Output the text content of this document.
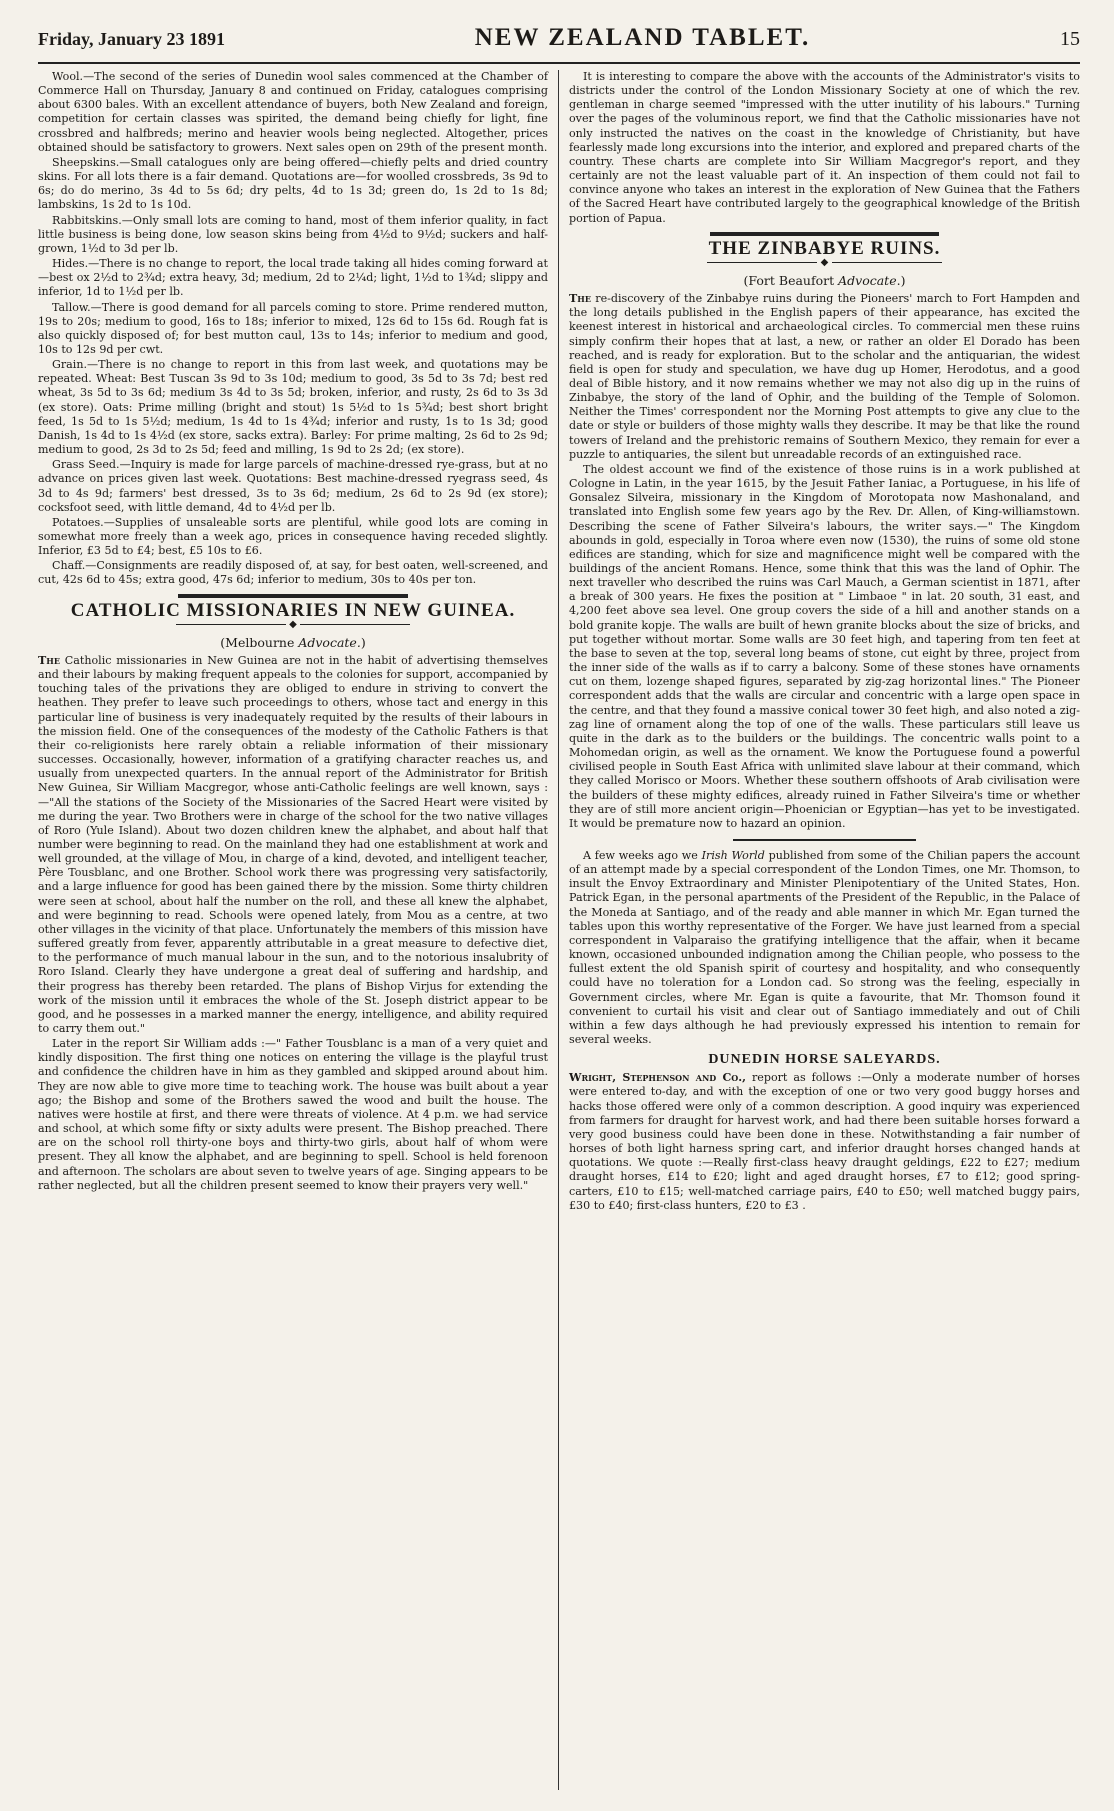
Friday, January 23 1891	NEW ZEALAND TABLET.	15

Wool.—The second of the series of Dunedin wool sales commenced at the Chamber of Commerce Hall on Thursday, January 8 and continued on Friday, catalogues comprising about 6300 bales. With an excellent attendance of buyers, both New Zealand and foreign, competition for certain classes was spirited, the demand being chiefly for light, fine crossbred and halfbreds; merino and heavier wools being neglected. Altogether, prices obtained should be satisfactory to growers. Next sales open on 29th of the present month.

Sheepskins.—Small catalogues only are being offered—chiefly pelts and dried country skins. For all lots there is a fair demand. Quotations are—for woolled crossbreds, 3s 9d to 6s; do do merino, 3s 4d to 5s 6d; dry pelts, 4d to 1s 3d; green do, 1s 2d to 1s 8d; lambskins, 1s 2d to 1s 10d.

Rabbitskins.—Only small lots are coming to hand, most of them inferior quality, in fact little business is being done, low season skins being from 4½d to 9½d; suckers and half-grown, 1½d to 3d per lb.

Hides.—There is no change to report, the local trade taking all hides coming forward at—best ox 2½d to 2¾d; extra heavy, 3d; medium, 2d to 2¼d; light, 1½d to 1¾d; slippy and inferior, 1d to 1½d per lb.

Tallow.—There is good demand for all parcels coming to store. Prime rendered mutton, 19s to 20s; medium to good, 16s to 18s; inferior to mixed, 12s 6d to 15s 6d. Rough fat is also quickly disposed of; for best mutton caul, 13s to 14s; inferior to medium and good, 10s to 12s 9d per cwt.

Grain.—There is no change to report in this from last week, and quotations may be repeated. Wheat: Best Tuscan 3s 9d to 3s 10d; medium to good, 3s 5d to 3s 7d; best red wheat, 3s 5d to 3s 6d; medium 3s 4d to 3s 5d; broken, inferior, and rusty, 2s 6d to 3s 3d (ex store). Oats: Prime milling (bright and stout) 1s 5½d to 1s 5¾d; best short bright feed, 1s 5d to 1s 5½d; medium, 1s 4d to 1s 4¾d; inferior and rusty, 1s to 1s 3d; good Danish, 1s 4d to 1s 4½d (ex store, sacks extra). Barley: For prime malting, 2s 6d to 2s 9d; medium to good, 2s 3d to 2s 5d; feed and milling, 1s 9d to 2s 2d; (ex store).

Grass Seed.—Inquiry is made for large parcels of machine-dressed rye-grass, but at no advance on prices given last week. Quotations: Best machine-dressed ryegrass seed, 4s 3d to 4s 9d; farmers' best dressed, 3s to 3s 6d; medium, 2s 6d to 2s 9d (ex store); cocksfoot seed, with little demand, 4d to 4½d per lb.

Potatoes.—Supplies of unsaleable sorts are plentiful, while good lots are coming in somewhat more freely than a week ago, prices in consequence having receded slightly. Inferior, £3 5d to £4; best, £5 10s to £6.

Chaff.—Consignments are readily disposed of, at say, for best oaten, well-screened, and cut, 42s 6d to 45s; extra good, 47s 6d; inferior to medium, 30s to 40s per ton.

CATHOLIC MISSIONARIES IN NEW GUINEA.
◆
(Melbourne Advocate.)

The Catholic missionaries in New Guinea are not in the habit of advertising themselves and their labours by making frequent appeals to the colonies for support, accompanied by touching tales of the privations they are obliged to endure in striving to convert the heathen. They prefer to leave such proceedings to others, whose tact and energy in this particular line of business is very inadequately requited by the results of their labours in the mission field. One of the consequences of the modesty of the Catholic Fathers is that their co-religionists here rarely obtain a reliable information of their missionary successes. Occasionally, however, information of a gratifying character reaches us, and usually from unexpected quarters. In the annual report of the Administrator for British New Guinea, Sir William Macgregor, whose anti-Catholic feelings are well known, says :—"All the stations of the Society of the Missionaries of the Sacred Heart were visited by me during the year. Two Brothers were in charge of the school for the two native villages of Roro (Yule Island). About two dozen children knew the alphabet, and about half that number were beginning to read. On the mainland they had one establishment at work and well grounded, at the village of Mou, in charge of a kind, devoted, and intelligent teacher, Père Tousblanc, and one Brother. School work there was progressing very satisfactorily, and a large influence for good has been gained there by the mission. Some thirty children were seen at school, about half the number on the roll, and these all knew the alphabet, and were beginning to read. Schools were opened lately, from Mou as a centre, at two other villages in the vicinity of that place. Unfortunately the members of this mission have suffered greatly from fever, apparently attributable in a great measure to defective diet, to the performance of much manual labour in the sun, and to the notorious insalubrity of Roro Island. Clearly they have undergone a great deal of suffering and hardship, and their progress has thereby been retarded. The plans of Bishop Virjus for extending the work of the mission until it embraces the whole of the St. Joseph district appear to be good, and he possesses in a marked manner the energy, intelligence, and ability required to carry them out."

Later in the report Sir William adds :—" Father Tousblanc is a man of a very quiet and kindly disposition. The first thing one notices on entering the village is the playful trust and confidence the children have in him as they gambled and skipped around about him. They are now able to give more time to teaching work. The house was built about a year ago; the Bishop and some of the Brothers sawed the wood and built the house. The natives were hostile at first, and there were threats of violence. At 4 p.m. we had service and school, at which some fifty or sixty adults were present. The Bishop preached. There are on the school roll thirty-one boys and thirty-two girls, about half of whom were present. They all know the alphabet, and are beginning to spell. School is held forenoon and afternoon. The scholars are about seven to twelve years of age. Singing appears to be rather neglected, but all the children present seemed to know their prayers very well."

It is interesting to compare the above with the accounts of the Administrator's visits to districts under the control of the London Missionary Society at one of which the rev. gentleman in charge seemed "impressed with the utter inutility of his labours." Turning over the pages of the voluminous report, we find that the Catholic missionaries have not only instructed the natives on the coast in the knowledge of Christianity, but have fearlessly made long excursions into the interior, and explored and prepared charts of the country. These charts are complete into Sir William Macgregor's report, and they certainly are not the least valuable part of it. An inspection of them could not fail to convince anyone who takes an interest in the exploration of New Guinea that the Fathers of the Sacred Heart have contributed largely to the geographical knowledge of the British portion of Papua.

THE ZINBABYE RUINS.
◆
(Fort Beaufort Advocate.)

The re-discovery of the Zinbabye ruins during the Pioneers' march to Fort Hampden and the long details published in the English papers of their appearance, has excited the keenest interest in historical and archaeological circles. To commercial men these ruins simply confirm their hopes that at last, a new, or rather an older El Dorado has been reached, and is ready for exploration. But to the scholar and the antiquarian, the widest field is open for study and speculation, we have dug up Homer, Herodotus, and a good deal of Bible history, and it now remains whether we may not also dig up in the ruins of Zinbabye, the story of the land of Ophir, and the building of the Temple of Solomon. Neither the Times' correspondent nor the Morning Post attempts to give any clue to the date or style or builders of those mighty walls they describe. It may be that like the round towers of Ireland and the prehistoric remains of Southern Mexico, they remain for ever a puzzle to antiquaries, the silent but unreadable records of an extinguished race.

The oldest account we find of the existence of those ruins is in a work published at Cologne in Latin, in the year 1615, by the Jesuit Father Ianiac, a Portuguese, in his life of Gonsalez Silveira, missionary in the Kingdom of Morotopata now Mashonaland, and translated into English some few years ago by the Rev. Dr. Allen, of King-williamstown. Describing the scene of Father Silveira's labours, the writer says.—" The Kingdom abounds in gold, especially in Toroa where even now (1530), the ruins of some old stone edifices are standing, which for size and magnificence might well be compared with the buildings of the ancient Romans. Hence, some think that this was the land of Ophir. The next traveller who described the ruins was Carl Mauch, a German scientist in 1871, after a break of 300 years. He fixes the position at " Limbaoe " in lat. 20 south, 31 east, and 4,200 feet above sea level. One group covers the side of a hill and another stands on a bold granite kopje. The walls are built of hewn granite blocks about the size of bricks, and put together without mortar. Some walls are 30 feet high, and tapering from ten feet at the base to seven at the top, several long beams of stone, cut eight by three, project from the inner side of the walls as if to carry a balcony. Some of these stones have ornaments cut on them, lozenge shaped figures, separated by zig-zag horizontal lines." The Pioneer correspondent adds that the walls are circular and concentric with a large open space in the centre, and that they found a massive conical tower 30 feet high, and also noted a zig-zag line of ornament along the top of one of the walls. These particulars still leave us quite in the dark as to the builders or the buildings. The concentric walls point to a Mohomedan origin, as well as the ornament. We know the Portuguese found a powerful civilised people in South East Africa with unlimited slave labour at their command, which they called Morisco or Moors. Whether these southern offshoots of Arab civilisation were the builders of these mighty edifices, already ruined in Father Silveira's time or whether they are of still more ancient origin—Phoenician or Egyptian—has yet to be investigated. It would be premature now to hazard an opinion.

A few weeks ago we Irish World published from some of the Chilian papers the account of an attempt made by a special correspondent of the London Times, one Mr. Thomson, to insult the Envoy Extraordinary and Minister Plenipotentiary of the United States, Hon. Patrick Egan, in the personal apartments of the President of the Republic, in the Palace of the Moneda at Santiago, and of the ready and able manner in which Mr. Egan turned the tables upon this worthy representative of the Forger. We have just learned from a special correspondent in Valparaiso the gratifying intelligence that the affair, when it became known, occasioned unbounded indignation among the Chilian people, who possess to the fullest extent the old Spanish spirit of courtesy and hospitality, and who consequently could have no toleration for a London cad. So strong was the feeling, especially in Government circles, where Mr. Egan is quite a favourite, that Mr. Thomson found it convenient to curtail his visit and clear out of Santiago immediately and out of Chili within a few days although he had previously expressed his intention to remain for several weeks.

DUNEDIN HORSE SALEYARDS.

Wright, Stephenson and Co., report as follows :—Only a moderate number of horses were entered to-day, and with the exception of one or two very good buggy horses and hacks those offered were only of a common description. A good inquiry was experienced from farmers for draught for harvest work, and had there been suitable horses forward a very good business could have been done in these. Notwithstanding a fair number of horses of both light harness spring cart, and inferior draught horses changed hands at quotations. We quote :—Really first-class heavy draught geldings, £22 to £27; medium draught horses, £14 to £20; light and aged draught horses, £7 to £12; good spring-carters, £10 to £15; well-matched carriage pairs, £40 to £50; well matched buggy pairs, £30 to £40; first-class hunters, £20 to £3 .
